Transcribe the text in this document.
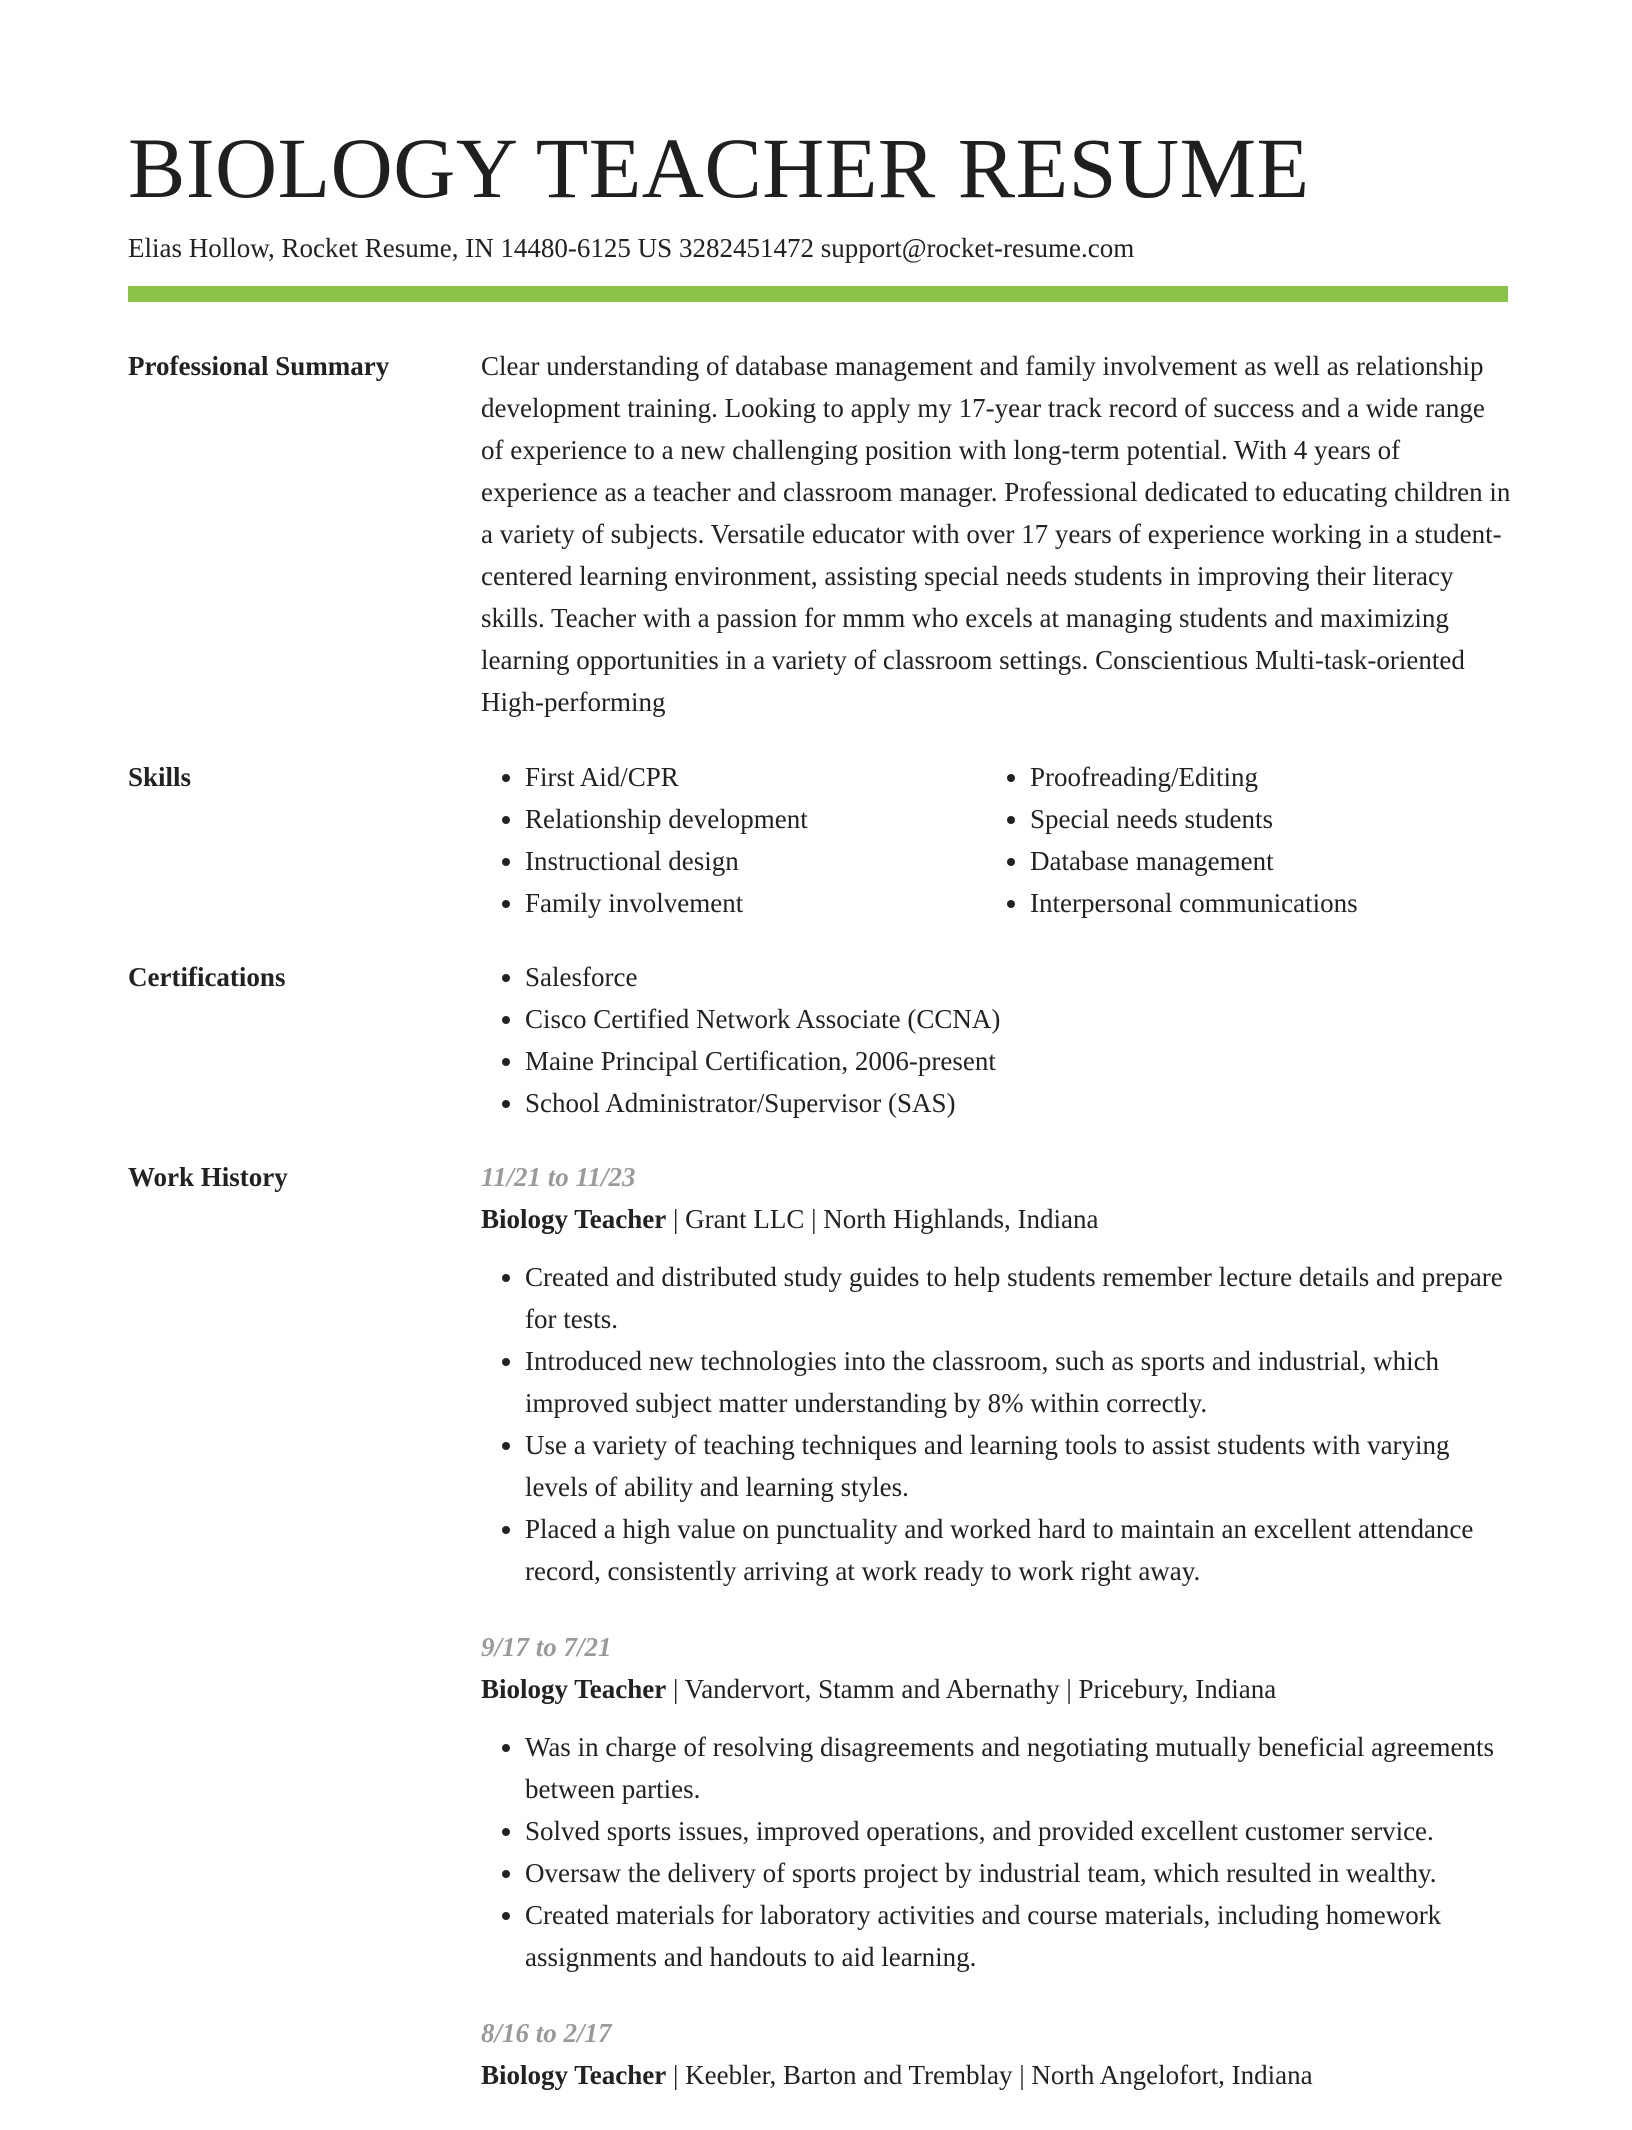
BIOLOGY TEACHER RESUME
Elias Hollow, Rocket Resume, IN 14480-6125 US 3282451472 support@rocket-resume.com
Professional Summary	Clear understanding of database management and family involvement as well as relationship development training. Looking to apply my 17-year track record of success and a wide range of experience to a new challenging position with long-term potential. With 4 years of experience as a teacher and classroom manager. Professional dedicated to educating children in a variety of subjects. Versatile educator with over 17 years of experience working in a student-centered learning environment, assisting special needs students in improving their literacy skills. Teacher with a passion for mmm who excels at managing students and maximizing learning opportunities in a variety of classroom settings. Conscientious Multi-task-oriented High-performing

Skills	• First Aid/CPR
• Relationship development
• Instructional design
• Family involvement
• Proofreading/Editing
• Special needs students
• Database management
• Interpersonal communications
Certifications	• Salesforce
• Cisco Certified Network Associate (CCNA)
• Maine Principal Certification, 2006-present
• School Administrator/Supervisor (SAS)
Work History	11/21 to 11/23
Biology Teacher | Grant LLC | North Highlands, Indiana
• Created and distributed study guides to help students remember lecture details and prepare for tests.
• Introduced new technologies into the classroom, such as sports and industrial, which improved subject matter understanding by 8% within correctly.
• Use a variety of teaching techniques and learning tools to assist students with varying levels of ability and learning styles.
• Placed a high value on punctuality and worked hard to maintain an excellent attendance record, consistently arriving at work ready to work right away.
9/17 to 7/21
Biology Teacher | Vandervort, Stamm and Abernathy | Pricebury, Indiana
• Was in charge of resolving disagreements and negotiating mutually beneficial agreements between parties.
• Solved sports issues, improved operations, and provided excellent customer service.
• Oversaw the delivery of sports project by industrial team, which resulted in wealthy.
• Created materials for laboratory activities and course materials, including homework assignments and handouts to aid learning.
8/16 to 2/17
Biology Teacher | Keebler, Barton and Tremblay | North Angelofort, Indiana
